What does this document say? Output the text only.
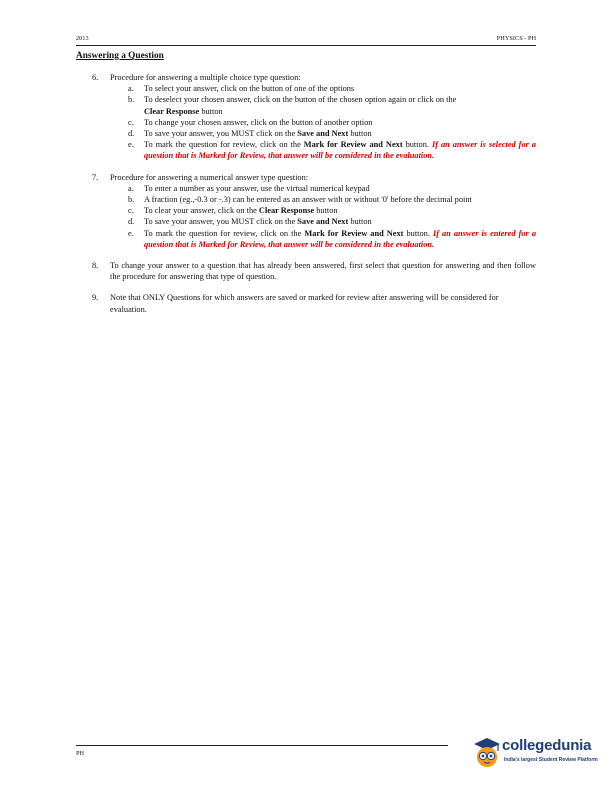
2013	PHYSICS - PH
Answering a Question
6. Procedure for answering a multiple choice type question:
a. To select your answer, click on the button of one of the options
b. To deselect your chosen answer, click on the button of the chosen option again or click on the
Clear Response button
c. To change your chosen answer, click on the button of another option
d. To save your answer, you MUST click on the Save and Next button
e. To mark the question for review, click on the Mark for Review and Next button. If an answer is selected for a question that is Marked for Review, that answer will be considered in the evaluation.
7. Procedure for answering a numerical answer type question:
a. To enter a number as your answer, use the virtual numerical keypad
b. A fraction (eg.,-0.3 or -.3) can be entered as an answer with or without '0' before the decimal point
c. To clear your answer, click on the Clear Response button
d. To save your answer, you MUST click on the Save and Next button
e. To mark the question for review, click on the Mark for Review and Next button. If an answer is entered for a question that is Marked for Review, that answer will be considered in the evaluation.
8. To change your answer to a question that has already been answered, first select that question for answering and then follow the procedure for answering that type of question.
9. Note that ONLY Questions for which answers are saved or marked for review after answering will be considered for evaluation.
PH	collegedunia
India's largest Student Review Platform
